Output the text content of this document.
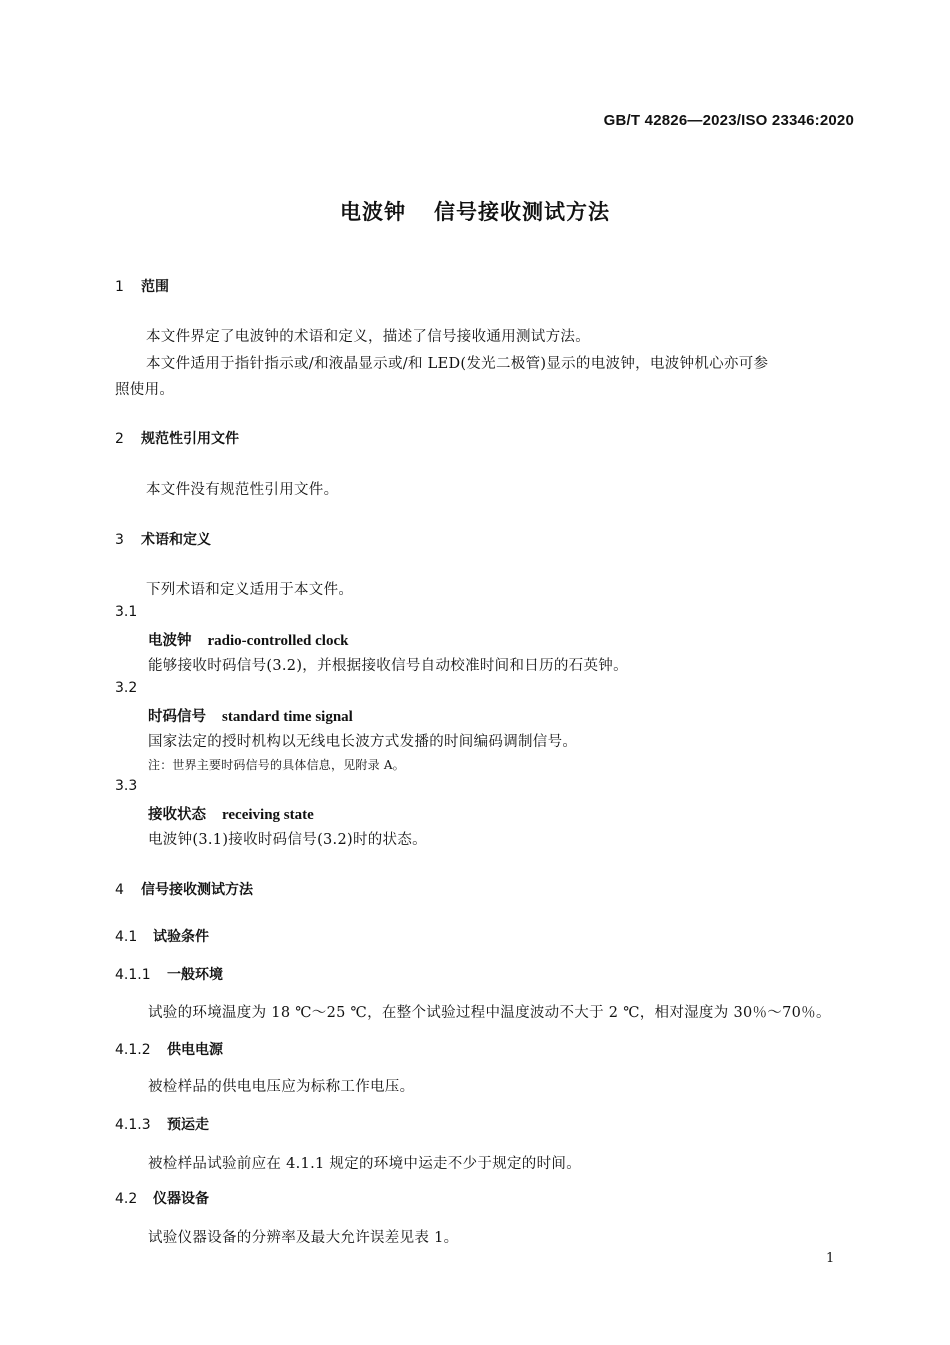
GB/T 42826—2023/ISO 23346:2020
电波钟 信号接收测试方法
1 范围
本文件界定了电波钟的术语和定义，描述了信号接收通用测试方法。
本文件适用于指针指示或/和液晶显示或/和 LED(发光二极管)显示的电波钟，电波钟机心亦可参
照使用。
2 规范性引用文件
本文件没有规范性引用文件。
3 术语和定义
下列术语和定义适用于本文件。
3.1
电波钟 radio-controlled clock
能够接收时码信号(3.2)，并根据接收信号自动校准时间和日历的石英钟。
3.2
时码信号 standard time signal
国家法定的授时机构以无线电长波方式发播的时间编码调制信号。
注：世界主要时码信号的具体信息，见附录 A。
3.3
接收状态 receiving state
电波钟(3.1)接收时码信号(3.2)时的状态。
4 信号接收测试方法
4.1 试验条件
4.1.1 一般环境
试验的环境温度为 18 ℃～25 ℃，在整个试验过程中温度波动不大于 2 ℃，相对湿度为 30％～70％。
4.1.2 供电电源
被检样品的供电电压应为标称工作电压。
4.1.3 预运走
被检样品试验前应在 4.1.1 规定的环境中运走不少于规定的时间。
4.2 仪器设备
试验仪器设备的分辨率及最大允许误差见表 1。
1
